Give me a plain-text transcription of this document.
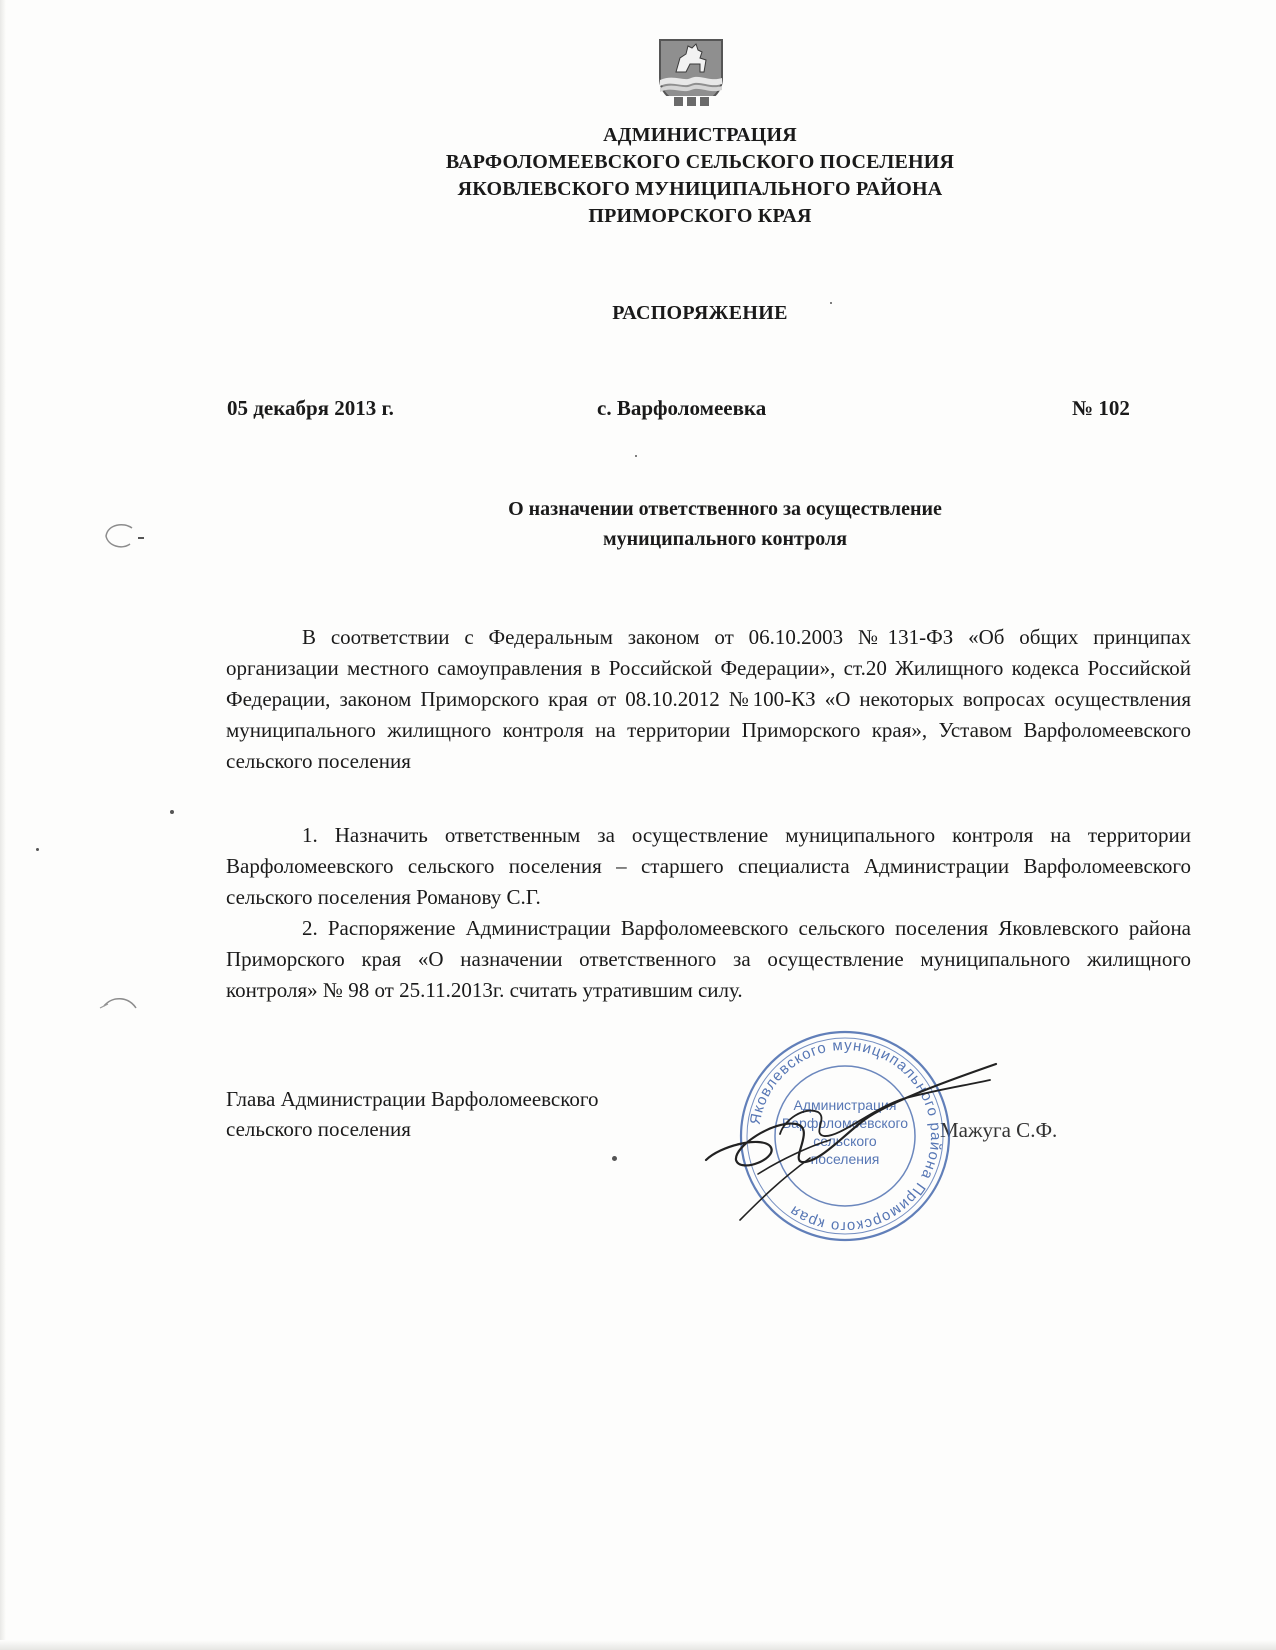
АДМИНИСТРАЦИЯ
ВАРФОЛОМЕЕВСКОГО СЕЛЬСКОГО ПОСЕЛЕНИЯ
ЯКОВЛЕВСКОГО МУНИЦИПАЛЬНОГО РАЙОНА
ПРИМОРСКОГО КРАЯ
РАСПОРЯЖЕНИЕ
05 декабря 2013 г.	с. Варфоломеевка	№ 102
О назначении ответственного за осуществление
муниципального контроля

В соответствии с Федеральным законом от 06.10.2003 №131-ФЗ «Об общих принципах организации местного самоуправления в Российской Федерации», ст.20 Жилищного кодекса Российской Федерации, законом Приморского края от 08.10.2012 №100-КЗ «О некоторых вопросах осуществления муниципального жилищного контроля на территории Приморского края», Уставом Варфоломеевского сельского поселения

1. Назначить ответственным за осуществление муниципального контроля на территории Варфоломеевского сельского поселения – старшего специалиста Администрации Варфоломеевского сельского поселения Романову С.Г.

2. Распоряжение Администрации Варфоломеевского сельского поселения Яковлевского района Приморского края «О назначении ответственного за осуществление муниципального жилищного контроля» № 98 от 25.11.2013г. считать утратившим силу.

Глава Администрации Варфоломеевского
сельского поселения	Мажуга С.Ф.
Яковлевского муниципального района Приморского края
Администрация
Варфоломеевского
сельского
поселения
